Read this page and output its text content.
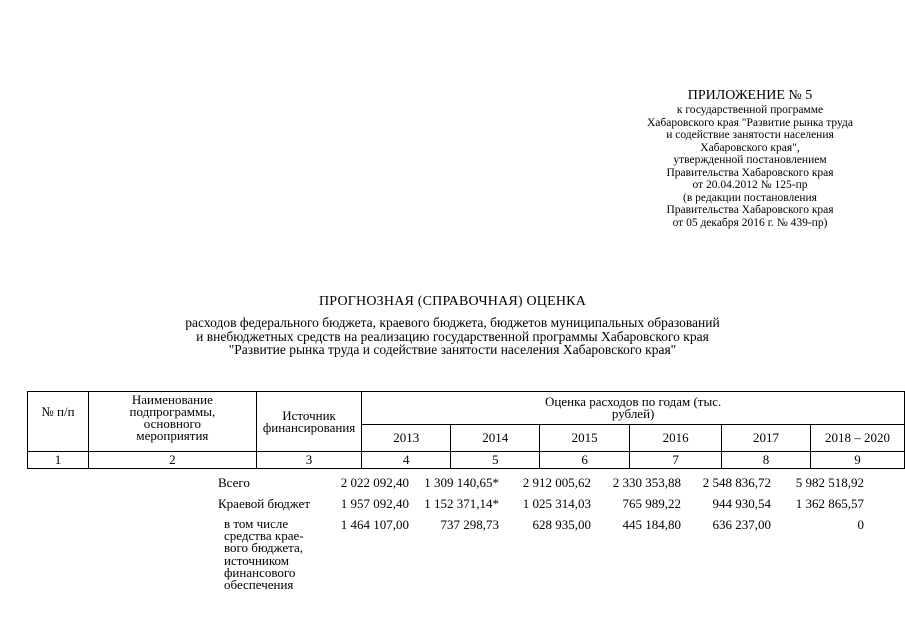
ПРИЛОЖЕНИЕ № 5
к государственной программе
Хабаровского края "Развитие рынка труда
и содействие занятости населения
Хабаровского края",
утвержденной постановлением
Правительства Хабаровского края
от 20.04.2012 № 125-пр
(в редакции постановления
Правительства Хабаровского края
от 05 декабря 2016 г. № 439-пр)
ПРОГНОЗНАЯ (СПРАВОЧНАЯ) ОЦЕНКА
расходов федерального бюджета, краевого бюджета, бюджетов муниципальных образований
и внебюджетных средств на реализацию государственной программы Хабаровского края
"Развитие рынка труда и содействие занятости населения Хабаровского края"
№ п/п	Наименование подпрограммы, основного мероприятия	Источник финансирования	Оценка расходов по годам (тыс. рублей)					
			2013	2014	2015	2016	2017	2018 – 2020
1	2	3	4	5	6	7	8	9
		Всего	2 022 092,40	1 309 140,65*	2 912 005,62	2 330 353,88	2 548 836,72	5 982 518,92
		Краевой бюджет	1 957 092,40	1 152 371,14*	1 025 314,03	765 989,22	944 930,54	1 362 865,57
		в том числе средства крае-вого бюджета, источником финансового обеспечения	1 464 107,00	737 298,73	628 935,00	445 184,80	636 237,00	0
